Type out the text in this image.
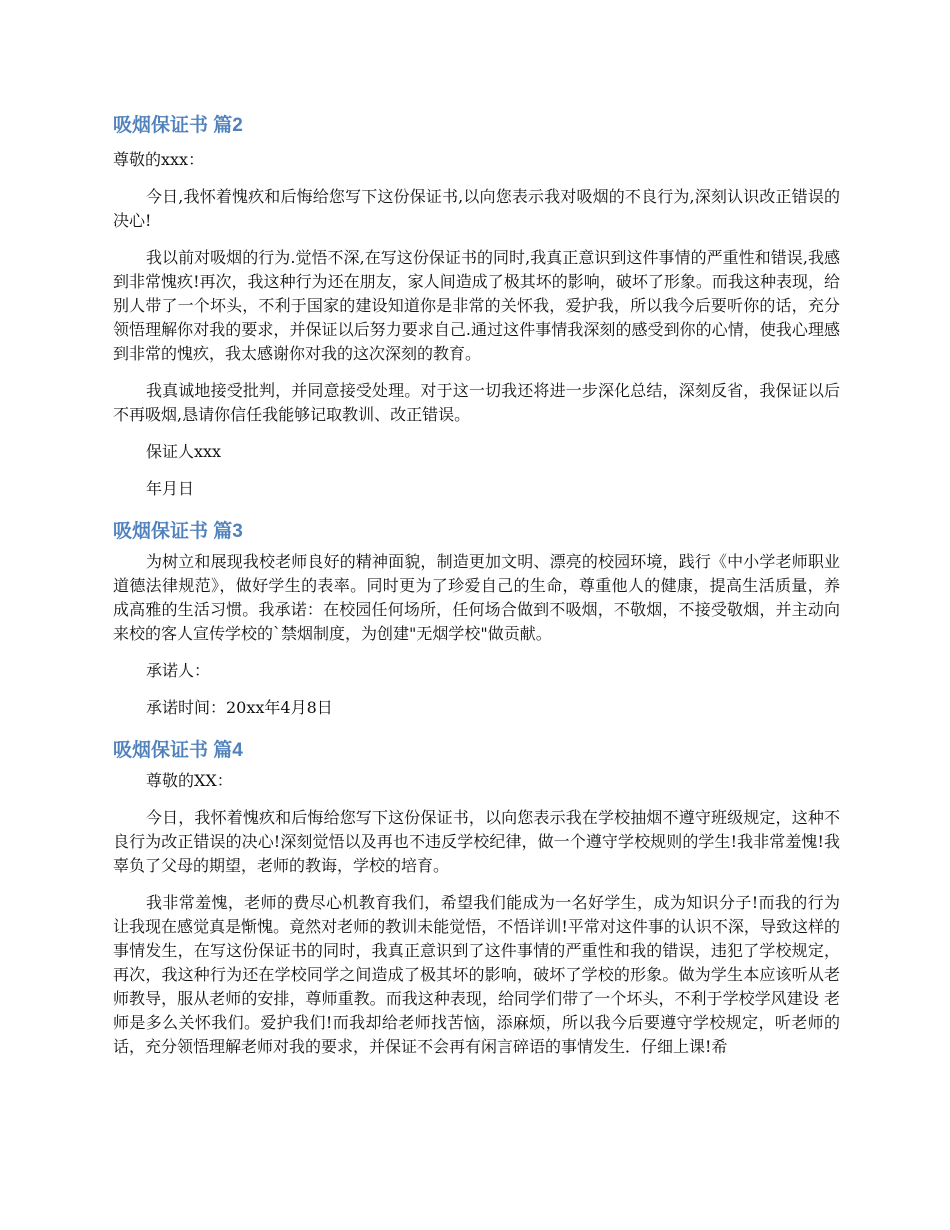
吸烟保证书 篇2

尊敬的xxx：

今日,我怀着愧疚和后悔给您写下这份保证书,以向您表示我对吸烟的不良行为,深刻认识改正错误的决心!

我以前对吸烟的行为.觉悟不深,在写这份保证书的同时,我真正意识到这件事情的严重性和错误,我感到非常愧疚!再次，我这种行为还在朋友，家人间造成了极其坏的影响，破坏了形象。而我这种表现，给别人带了一个坏头，不利于国家的建设知道你是非常的关怀我，爱护我，所以我今后要听你的话，充分领悟理解你对我的要求，并保证以后努力要求自己.通过这件事情我深刻的感受到你的心情，使我心理感到非常的愧疚，我太感谢你对我的这次深刻的教育。

我真诚地接受批判，并同意接受处理。对于这一切我还将进一步深化总结，深刻反省，我保证以后不再吸烟,恳请你信任我能够记取教训、改正错误。

保证人xxx

年月日

吸烟保证书 篇3

为树立和展现我校老师良好的精神面貌，制造更加文明、漂亮的校园环境，践行《中小学老师职业道德法律规范》，做好学生的表率。同时更为了珍爱自己的生命，尊重他人的健康，提高生活质量，养成高雅的生活习惯。我承诺：在校园任何场所，任何场合做到不吸烟，不敬烟，不接受敬烟，并主动向来校的客人宣传学校的`禁烟制度，为创建"无烟学校"做贡献。

承诺人：

承诺时间：20xx年4月8日

吸烟保证书 篇4

尊敬的XX：

今日，我怀着愧疚和后悔给您写下这份保证书，以向您表示我在学校抽烟不遵守班级规定，这种不良行为改正错误的决心!深刻觉悟以及再也不违反学校纪律，做一个遵守学校规则的学生!我非常羞愧!我辜负了父母的期望，老师的教诲，学校的培育。

我非常羞愧，老师的费尽心机教育我们，希望我们能成为一名好学生，成为知识分子!而我的行为让我现在感觉真是惭愧。竟然对老师的教训未能觉悟，不悟详训!平常对这件事的认识不深，导致这样的事情发生，在写这份保证书的同时，我真正意识到了这件事情的严重性和我的错误，违犯了学校规定，再次，我这种行为还在学校同学之间造成了极其坏的影响，破坏了学校的形象。做为学生本应该听从老师教导，服从老师的安排，尊师重教。而我这种表现，给同学们带了一个坏头，不利于学校学风建设 老师是多么关怀我们。爱护我们!而我却给老师找苦恼，添麻烦，所以我今后要遵守学校规定，听老师的话，充分领悟理解老师对我的要求，并保证不会再有闲言碎语的事情发生．仔细上课!希
